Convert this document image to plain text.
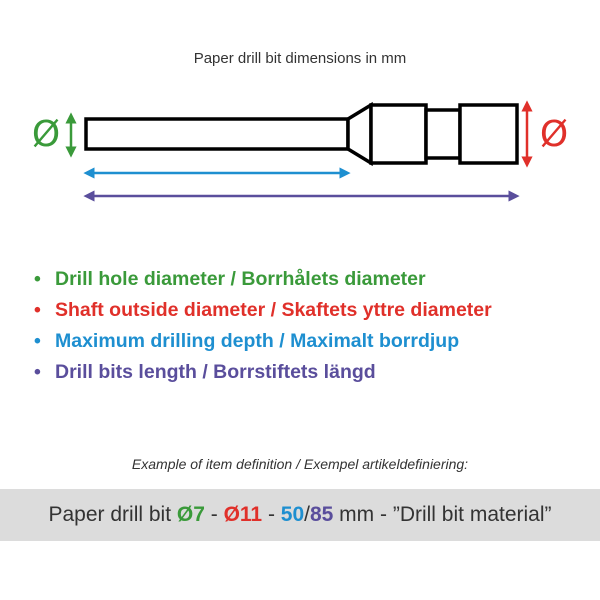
Paper drill bit dimensions in mm
Ø	Ø
• Drill hole diameter / Borrhålets diameter
• Shaft outside diameter / Skaftets yttre diameter
• Maximum drilling depth / Maximalt borrdjup
• Drill bits length / Borrstiftets längd
Example of item definition / Exempel artikeldefiniering:
Paper drill bit Ø7 - Ø11 - 50 / 85 mm - ”Drill bit material”
